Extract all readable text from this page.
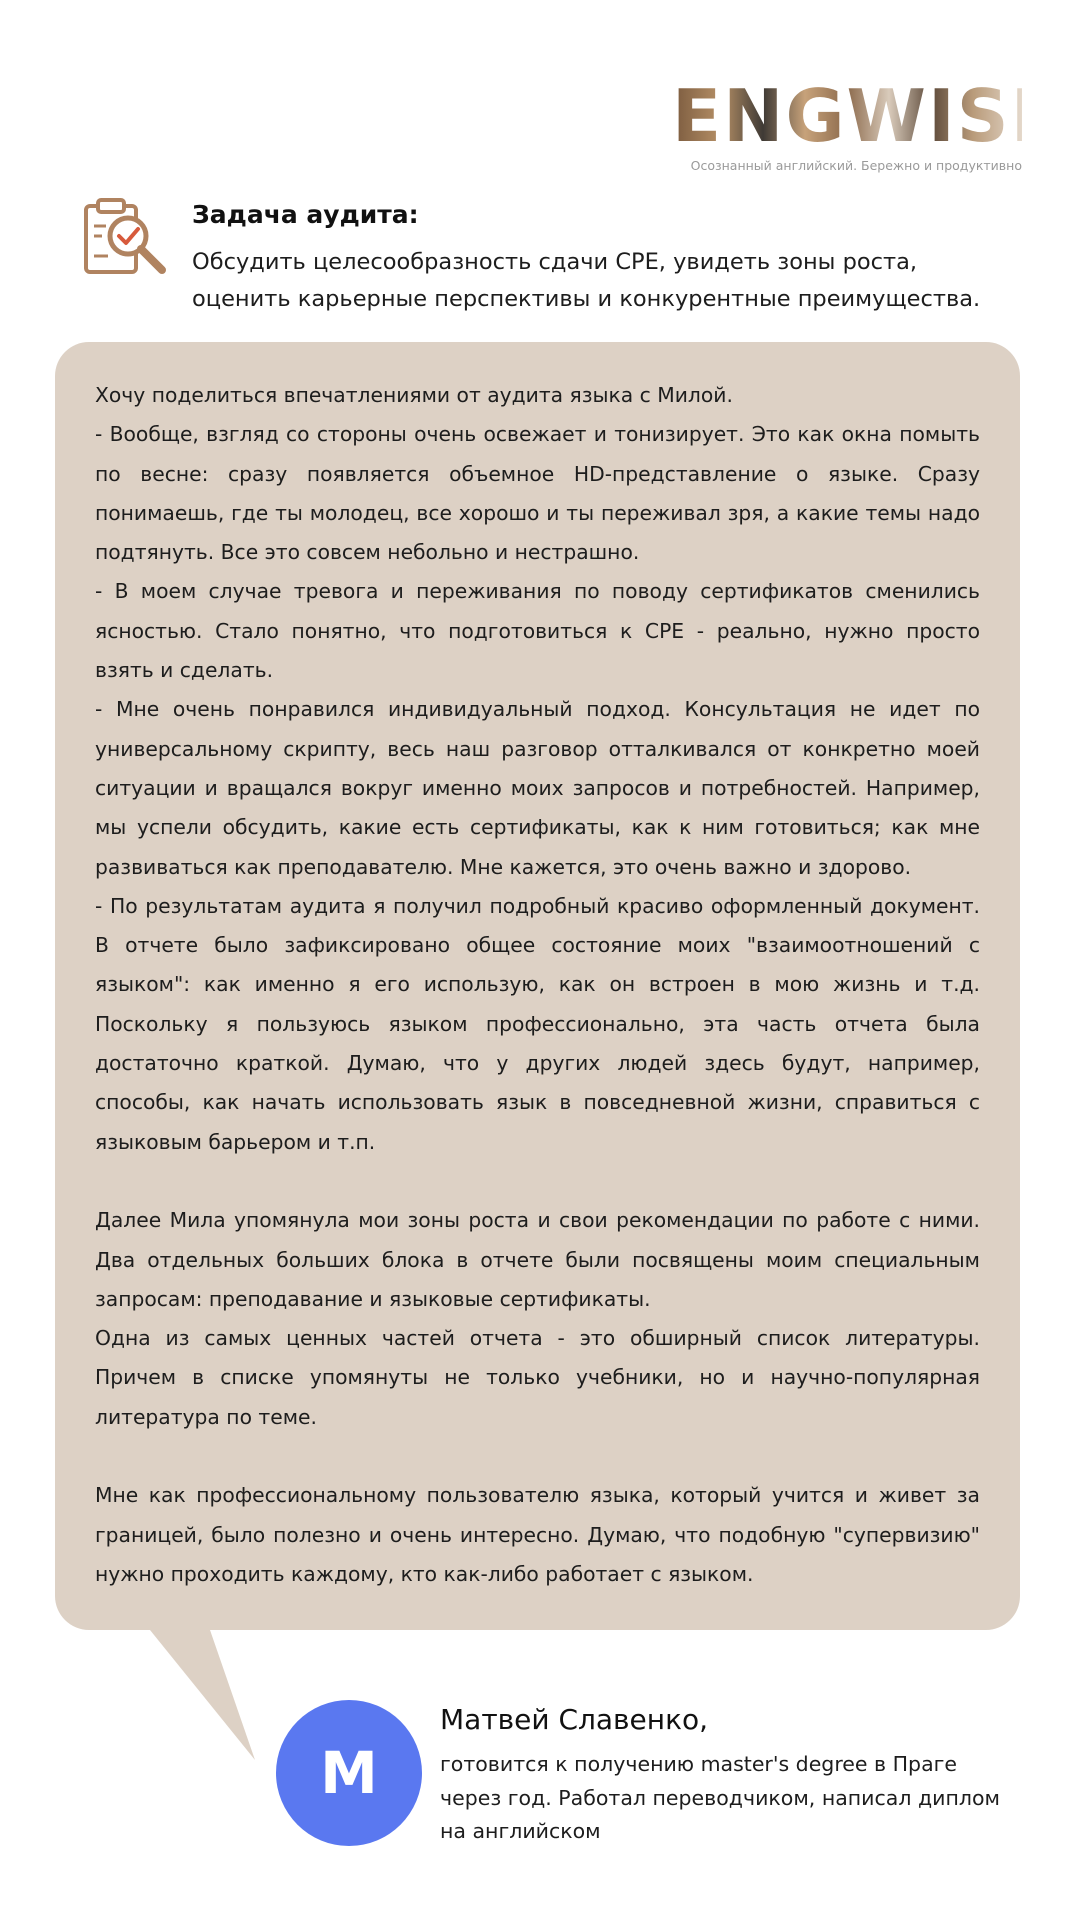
ENGWISE
Осознанный английский. Бережно и продуктивно
Задача аудита:
Обсудить целесообразность сдачи CPE, увидеть зоны роста, оценить карьерные перспективы и конкурентные преимущества.

Хочу поделиться впечатлениями от аудита языка с Милой.

- Вообще, взгляд со стороны очень освежает и тонизирует. Это как окна помыть по весне: сразу появляется объемное HD-представление о языке. Сразу понимаешь, где ты молодец, все хорошо и ты переживал зря, а какие темы надо подтянуть. Все это совсем небольно и нестрашно.

- В моем случае тревога и переживания по поводу сертификатов сменились ясностью. Стало понятно, что подготовиться к CPE - реально, нужно просто взять и сделать.

- Мне очень понравился индивидуальный подход. Консультация не идет по универсальному скрипту, весь наш разговор отталкивался от конкретно моей ситуации и вращался вокруг именно моих запросов и потребностей. Например, мы успели обсудить, какие есть сертификаты, как к ним готовиться; как мне развиваться как преподавателю. Мне кажется, это очень важно и здорово.

- По результатам аудита я получил подробный красиво оформленный документ. В отчете было зафиксировано общее состояние моих "взаимоотношений с языком": как именно я его использую, как он встроен в мою жизнь и т.д. Поскольку я пользуюсь языком профессионально, эта часть отчета была достаточно краткой. Думаю, что у других людей здесь будут, например, способы, как начать использовать язык в повседневной жизни, справиться с языковым барьером и т.п.

Далее Мила упомянула мои зоны роста и свои рекомендации по работе с ними. Два отдельных больших блока в отчете были посвящены моим специальным запросам: преподавание и языковые сертификаты.

Одна из самых ценных частей отчета - это обширный список литературы. Причем в списке упомянуты не только учебники, но и научно-популярная литература по теме.

Мне как профессиональному пользователю языка, который учится и живет за границей, было полезно и очень интересно. Думаю, что подобную "супервизию" нужно проходить каждому, кто как-либо работает с языком.

M
Матвей Славенко,
готовится к получению master's degree в Праге через год. Работал переводчиком, написал диплом на английском
